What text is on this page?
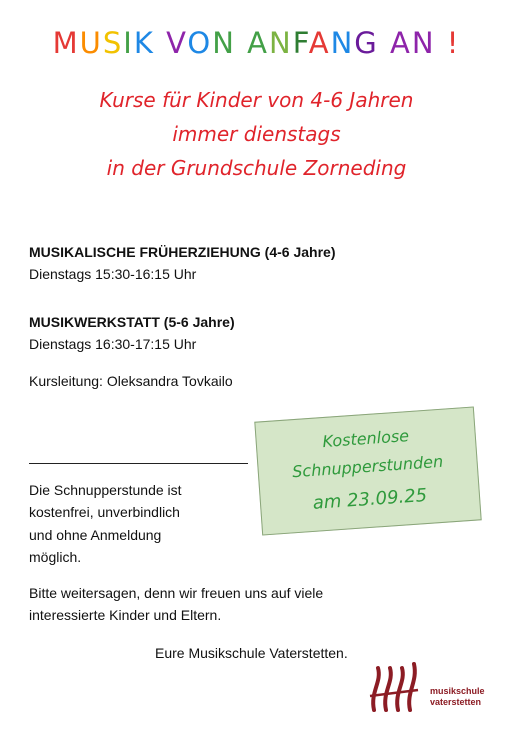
MUSIK VON ANFANG AN !
Kurse für Kinder von 4-6 Jahren
immer dienstags
in der Grundschule Zorneding
MUSIKALISCHE FRÜHERZIEHUNG (4-6 Jahre)
Dienstags 15:30-16:15 Uhr
MUSIKWERKSTATT (5-6 Jahre)
Dienstags 16:30-17:15 Uhr
Kursleitung: Oleksandra Tovkailo
Kostenlose
Schnupperstunden
am 23.09.25
Die Schnupperstunde ist
kostenfrei, unverbindlich
und ohne Anmeldung
möglich.
Bitte weitersagen, denn wir freuen uns auf viele
interessierte Kinder und Eltern.
Eure Musikschule Vaterstetten.
musikschule
vaterstetten
